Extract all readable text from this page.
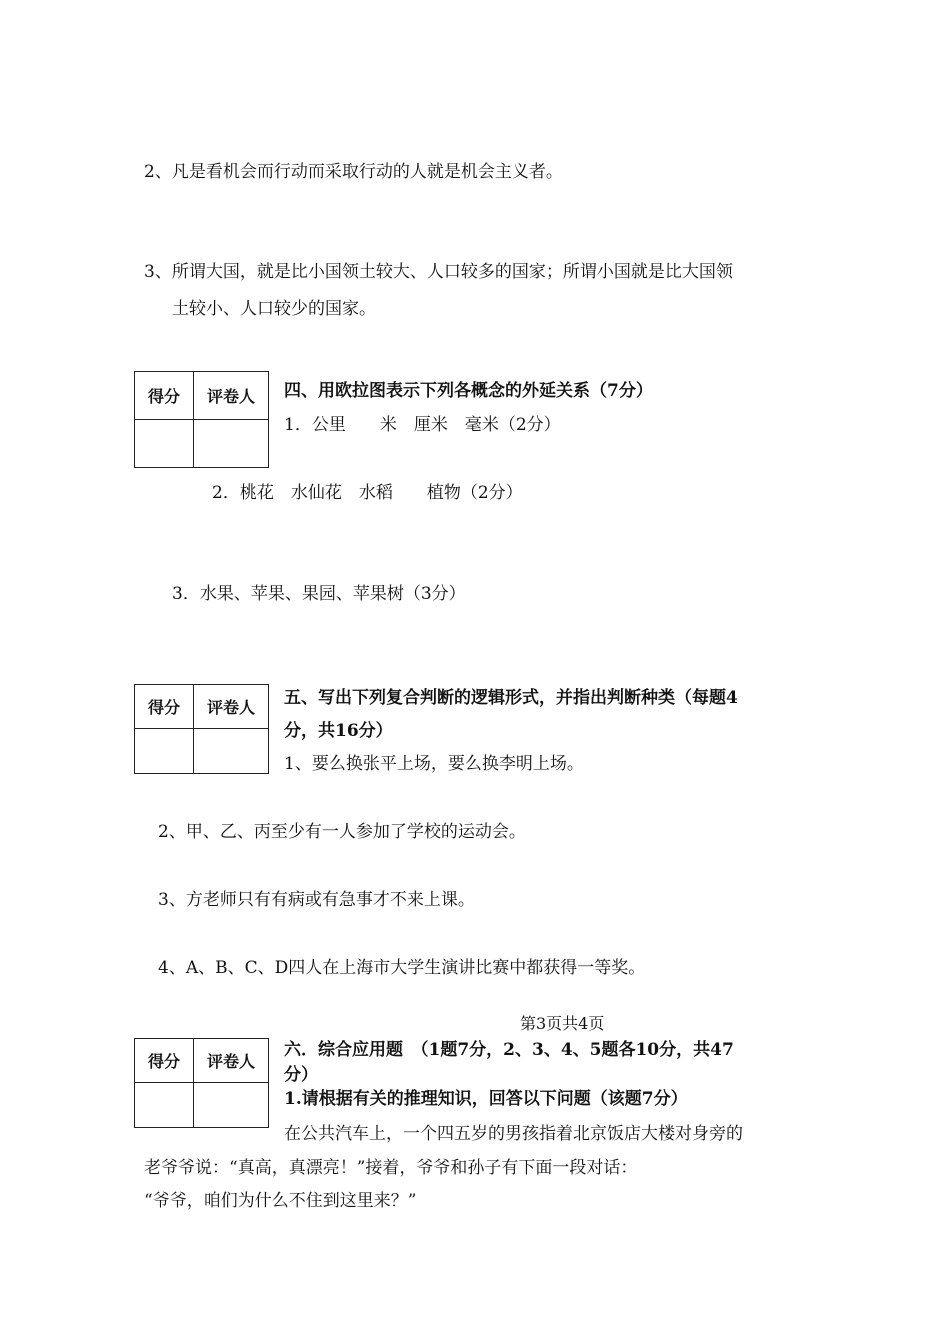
2、凡是看机会而行动而采取行动的人就是机会主义者。
3、所谓大国，就是比小国领土较大、人口较多的国家；所谓小国就是比大国领
土较小、人口较少的国家。
得分	评卷人
	四、用欧拉图表示下列各概念的外延关系（7分）
1．公里　　米　厘米　毫米（2分）
2．桃花　水仙花　水稻　　植物（2分）
3．水果、苹果、果园、苹果树（3分）
得分	评卷人
	五、写出下列复合判断的逻辑形式，并指出判断种类（每题4
分，共16分）
1、要么换张平上场，要么换李明上场。
2、甲、乙、丙至少有一人参加了学校的运动会。
3、方老师只有有病或有急事才不来上课。
4、A、B、C、D四人在上海市大学生演讲比赛中都获得一等奖。
第3页共4页
得分	评卷人

六．综合应用题　（1题7分，2、3、4、5题各10分，共47
分）
1.请根据有关的推理知识，回答以下问题（该题7分）
在公共汽车上，一个四五岁的男孩指着北京饭店大楼对身旁的
老爷爷说：“真高，真漂亮！”接着，爷爷和孙子有下面一段对话：
“爷爷，咱们为什么不住到这里来？”
